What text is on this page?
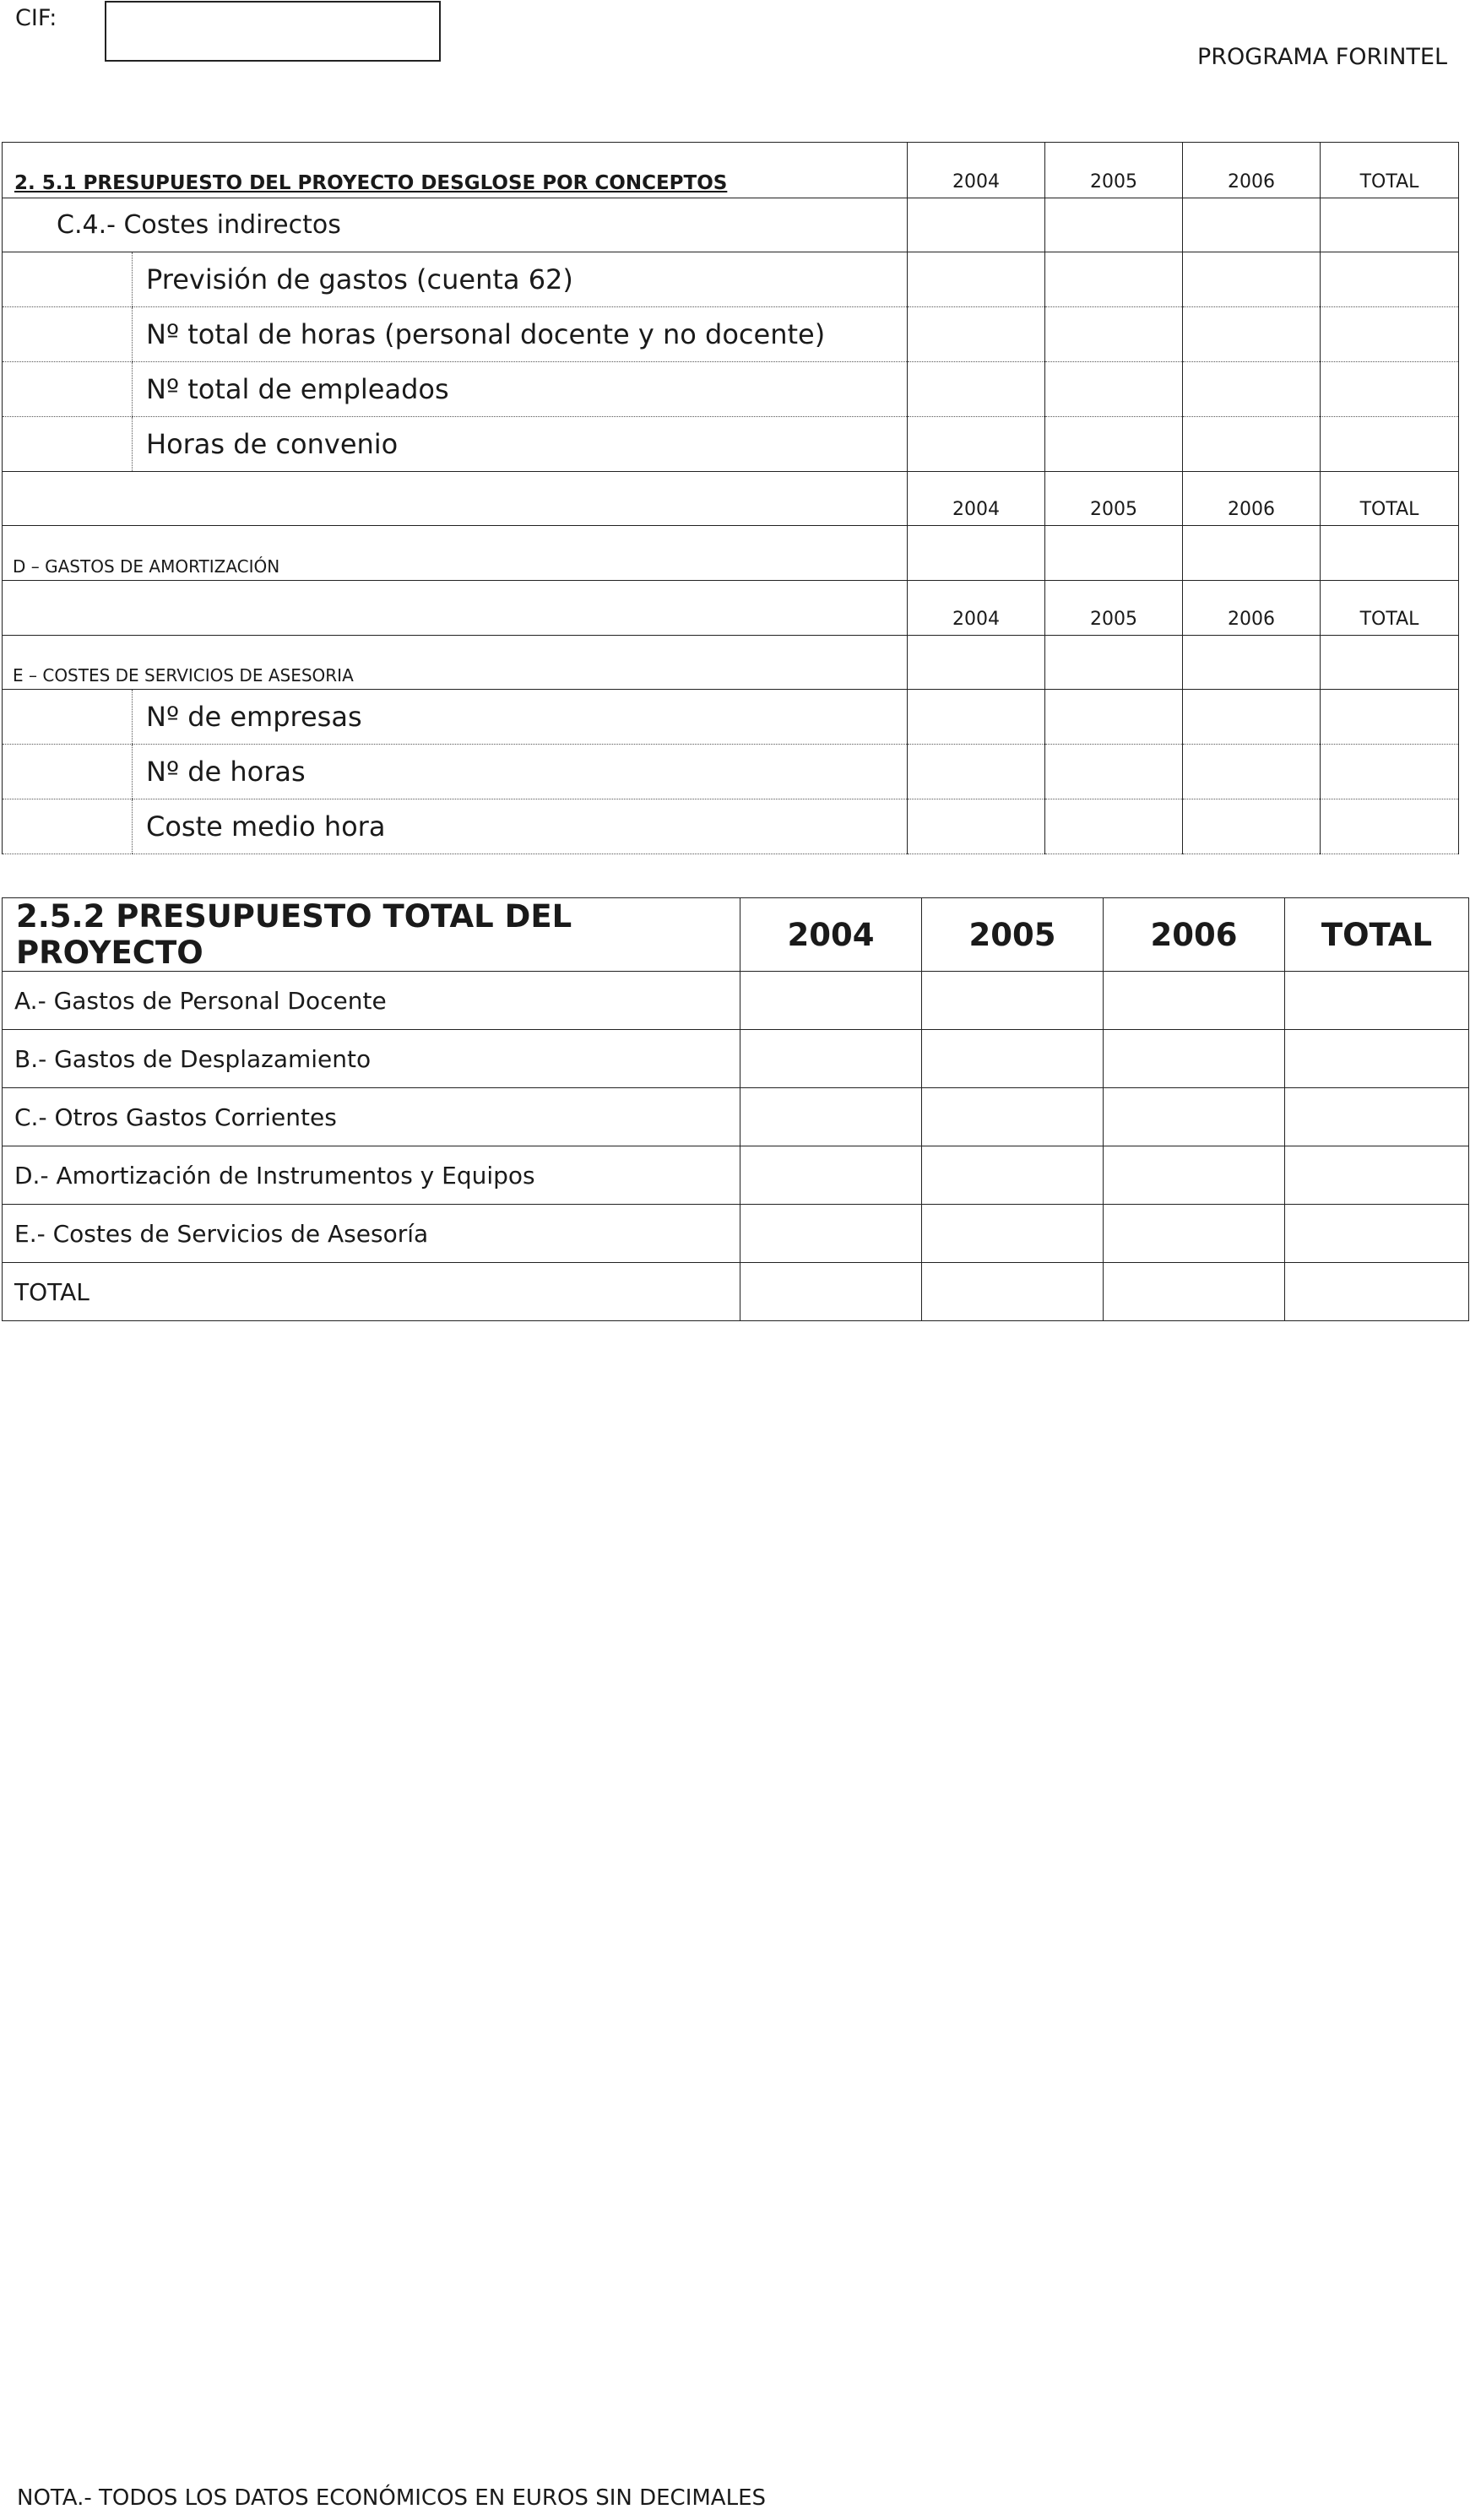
CIF:
PROGRAMA FORINTEL
2. 5.1 PRESUPUESTO DEL PROYECTO DESGLOSE POR CONCEPTOS		2004	2005	2006	TOTAL
C.4.- Costes indirectos					
	Previsión de gastos (cuenta 62)				
	Nº total de horas (personal docente y no docente)				
	Nº total de empleados				
	Horas de convenio				
		2004	2005	2006	TOTAL
D – GASTOS DE AMORTIZACIÓN					
		2004	2005	2006	TOTAL
E – COSTES DE SERVICIOS DE ASESORIA					
	Nº de empresas				
	Nº de horas				
	Coste medio hora				
2.5.2 PRESUPUESTO TOTAL DEL PROYECTO	2004	2005	2006	TOTAL
A.- Gastos de Personal Docente				
B.- Gastos de Desplazamiento				
C.- Otros Gastos Corrientes				
D.- Amortización de Instrumentos y Equipos				
E.- Costes de Servicios de Asesoría				
TOTAL				
NOTA.- TODOS LOS DATOS ECONÓMICOS EN EUROS SIN DECIMALES
